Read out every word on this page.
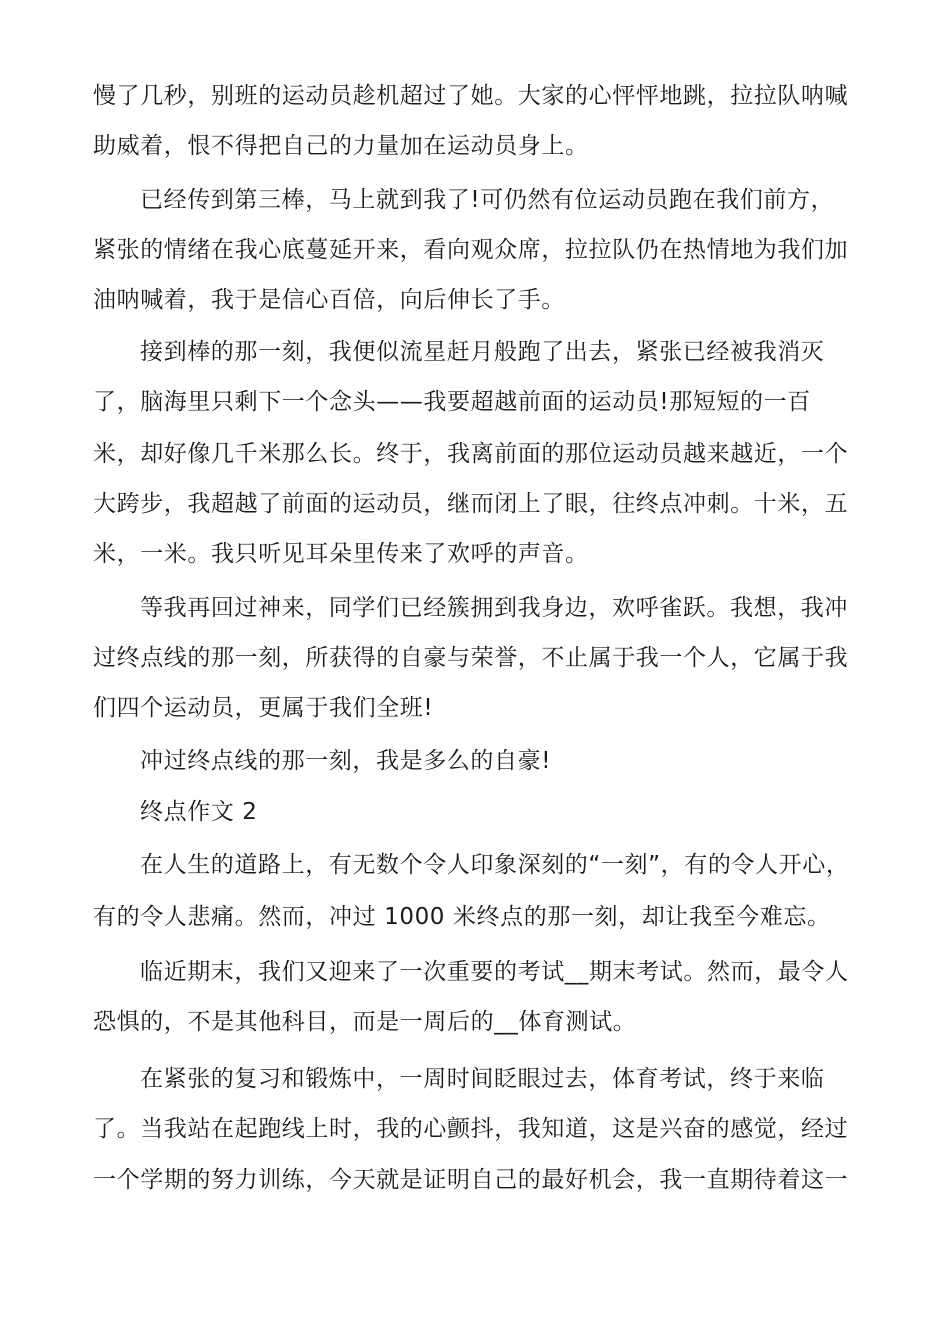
慢了几秒，别班的运动员趁机超过了她。大家的心怦怦地跳，拉拉队呐喊
助威着，恨不得把自己的力量加在运动员身上。
已经传到第三棒，马上就到我了!可仍然有位运动员跑在我们前方，
紧张的情绪在我心底蔓延开来，看向观众席，拉拉队仍在热情地为我们加
油呐喊着，我于是信心百倍，向后伸长了手。
接到棒的那一刻，我便似流星赶月般跑了出去，紧张已经被我消灭
了，脑海里只剩下一个念头——我要超越前面的运动员!那短短的一百
米，却好像几千米那么长。终于，我离前面的那位运动员越来越近，一个
大跨步，我超越了前面的运动员，继而闭上了眼，往终点冲刺。十米，五
米，一米。我只听见耳朵里传来了欢呼的声音。
等我再回过神来，同学们已经簇拥到我身边，欢呼雀跃。我想，我冲
过终点线的那一刻，所获得的自豪与荣誉，不止属于我一个人，它属于我
们四个运动员，更属于我们全班!
冲过终点线的那一刻，我是多么的自豪!
终点作文 2
在人生的道路上，有无数个令人印象深刻的“一刻”，有的令人开心，
有的令人悲痛。然而，冲过 1000 米终点的那一刻，却让我至今难忘。
临近期末，我们又迎来了一次重要的考试__期末考试。然而，最令人
恐惧的，不是其他科目，而是一周后的__体育测试。
在紧张的复习和锻炼中，一周时间眨眼过去，体育考试，终于来临
了。当我站在起跑线上时，我的心颤抖，我知道，这是兴奋的感觉，经过
一个学期的努力训练，今天就是证明自己的最好机会，我一直期待着这一
